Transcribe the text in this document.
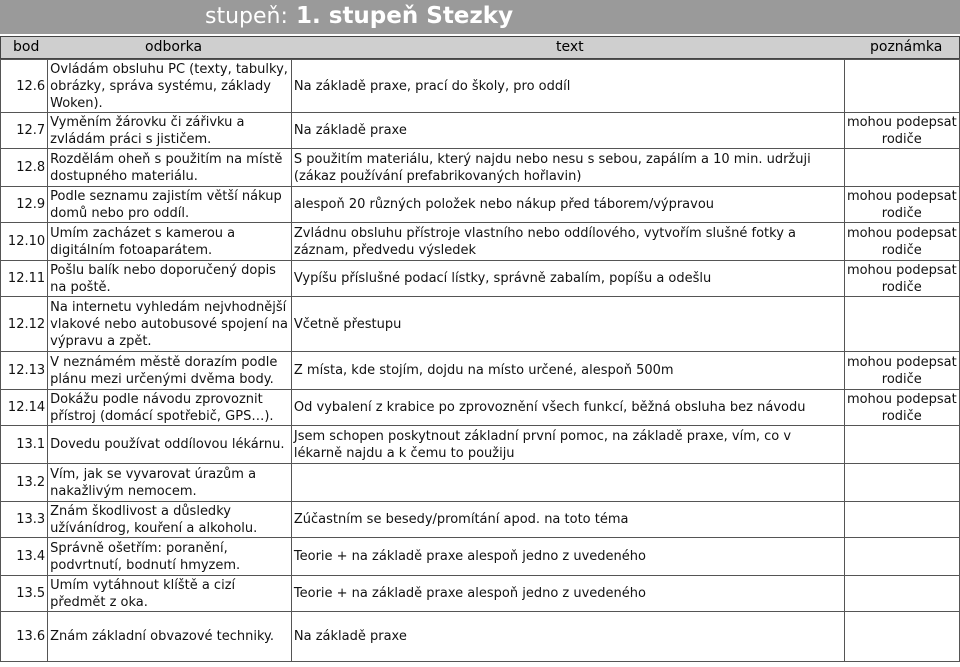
stupeň: 1. stupeň Stezky
bod	odborka	text	poznámka
12.6	Ovládám obsluhu PC (texty, tabulky, obrázky, správa systému, základy Woken).	Na základě praxe, prací do školy, pro oddíl	
12.7	Vyměním žárovku či zářivku a zvládám práci s jističem.	Na základě praxe	mohou podepsat rodiče
12.8	Rozdělám oheň s použitím na místě dostupného materiálu.	S použitím materiálu, který najdu nebo nesu s sebou, zapálím a 10 min. udržuji (zákaz používání prefabrikovaných hořlavin)	
12.9	Podle seznamu zajistím větší nákup domů nebo pro oddíl.	alespoň 20 různých položek nebo nákup před táborem/výpravou	mohou podepsat rodiče
12.10	Umím zacházet s kamerou a digitálním fotoaparátem.	Zvládnu obsluhu přístroje vlastního nebo oddílového, vytvořím slušné fotky a záznam, předvedu výsledek	mohou podepsat rodiče
12.11	Pošlu balík nebo doporučený dopis na poště.	Vypíšu příslušné podací lístky, správně zabalím, popíšu a odešlu	mohou podepsat rodiče
12.12	Na internetu vyhledám nejvhodnější vlakové nebo autobusové spojení na výpravu a zpět.	Včetně přestupu	
12.13	V neznámém městě dorazím podle plánu mezi určenými dvěma body.	Z místa, kde stojím, dojdu na místo určené, alespoň 500m	mohou podepsat rodiče
12.14	Dokážu podle návodu zprovoznit přístroj (domácí spotřebič, GPS…).	Od vybalení z krabice po zprovoznění všech funkcí, běžná obsluha bez návodu	mohou podepsat rodiče
13.1	Dovedu používat oddílovou lékárnu.	Jsem schopen poskytnout základní první pomoc, na základě praxe, vím, co v lékarně najdu a k čemu to použiju	
13.2	Vím, jak se vyvarovat úrazům a nakažlivým nemocem.		
13.3	Znám škodlivost a důsledky užívánídrog, kouření a alkoholu.	Zúčastním se besedy/promítání apod. na toto téma	
13.4	Správně ošetřím: poranění, podvrtnutí, bodnutí hmyzem.	Teorie + na základě praxe alespoň jedno z uvedeného	
13.5	Umím vytáhnout klíště a cizí předmět z oka.	Teorie + na základě praxe alespoň jedno z uvedeného	
13.6	Znám základní obvazové techniky.	Na základě praxe	
